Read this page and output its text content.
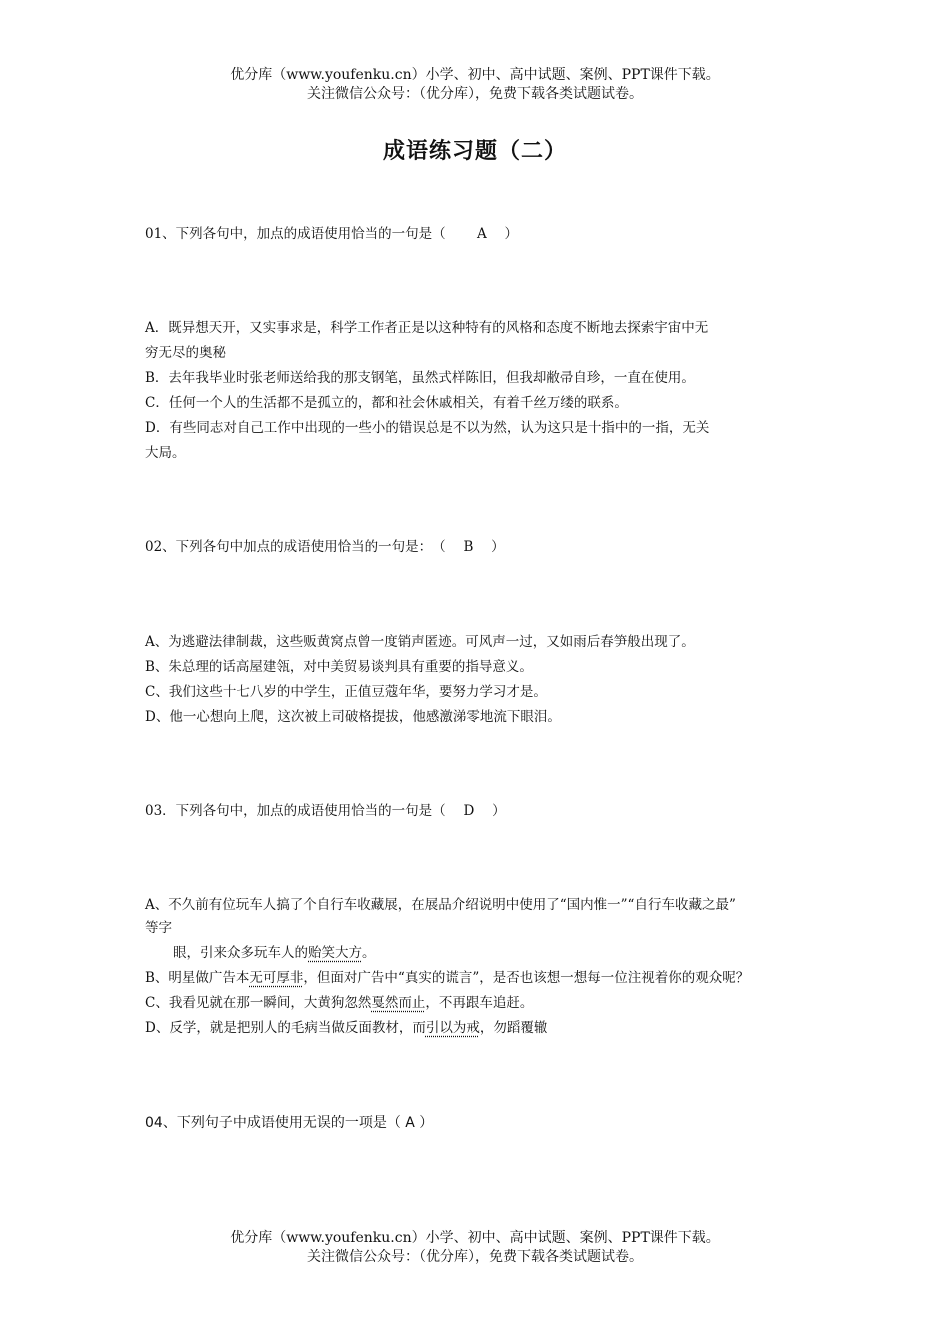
优分库（www.youfenku.cn）小学、初中、高中试题、案例、PPT课件下载。
关注微信公众号：（优分库），免费下载各类试题试卷。
成语练习题（二）
01、下列各句中，加点的成语使用恰当的一句是（　　 A　 ）
A．既异想天开，又实事求是，科学工作者正是以这种特有的风格和态度不断地去探索宇宙中无
穷无尽的奥秘
B．去年我毕业时张老师送给我的那支钢笔，虽然式样陈旧，但我却敝帚自珍，一直在使用。
C．任何一个人的生活都不是孤立的，都和社会休戚相关，有着千丝万缕的联系。
D．有些同志对自己工作中出现的一些小的错误总是不以为然，认为这只是十指中的一指，无关
大局。
02、下列各句中加点的成语使用恰当的一句是：　（　 B　 ）
A、为逃避法律制裁，这些贩黄窝点曾一度销声匿迹。可风声一过，又如雨后春笋般出现了。
B、朱总理的话高屋建瓴，对中美贸易谈判具有重要的指导意义。
C、我们这些十七八岁的中学生，正值豆蔻年华，要努力学习才是。
D、他一心想向上爬，这次被上司破格提拔，他感激涕零地流下眼泪。
03．下列各句中，加点的成语使用恰当的一句是（　 D　 ）
A、不久前有位玩车人搞了个自行车收藏展，在展品介绍说明中使用了“国内惟一”“自行车收藏之最”
等字
眼，引来众多玩车人的贻笑大方。
B、明星做广告本无可厚非，但面对广告中“真实的谎言”，是否也该想一想每一位注视着你的观众呢？
C、我看见就在那一瞬间，大黄狗忽然戛然而止，不再跟车追赶。
D、反学，就是把别人的毛病当做反面教材，而引以为戒，勿蹈覆辙
04、下列句子中成语使用无误的一项是（ A ）
优分库（www.youfenku.cn）小学、初中、高中试题、案例、PPT课件下载。
关注微信公众号：（优分库），免费下载各类试题试卷。
